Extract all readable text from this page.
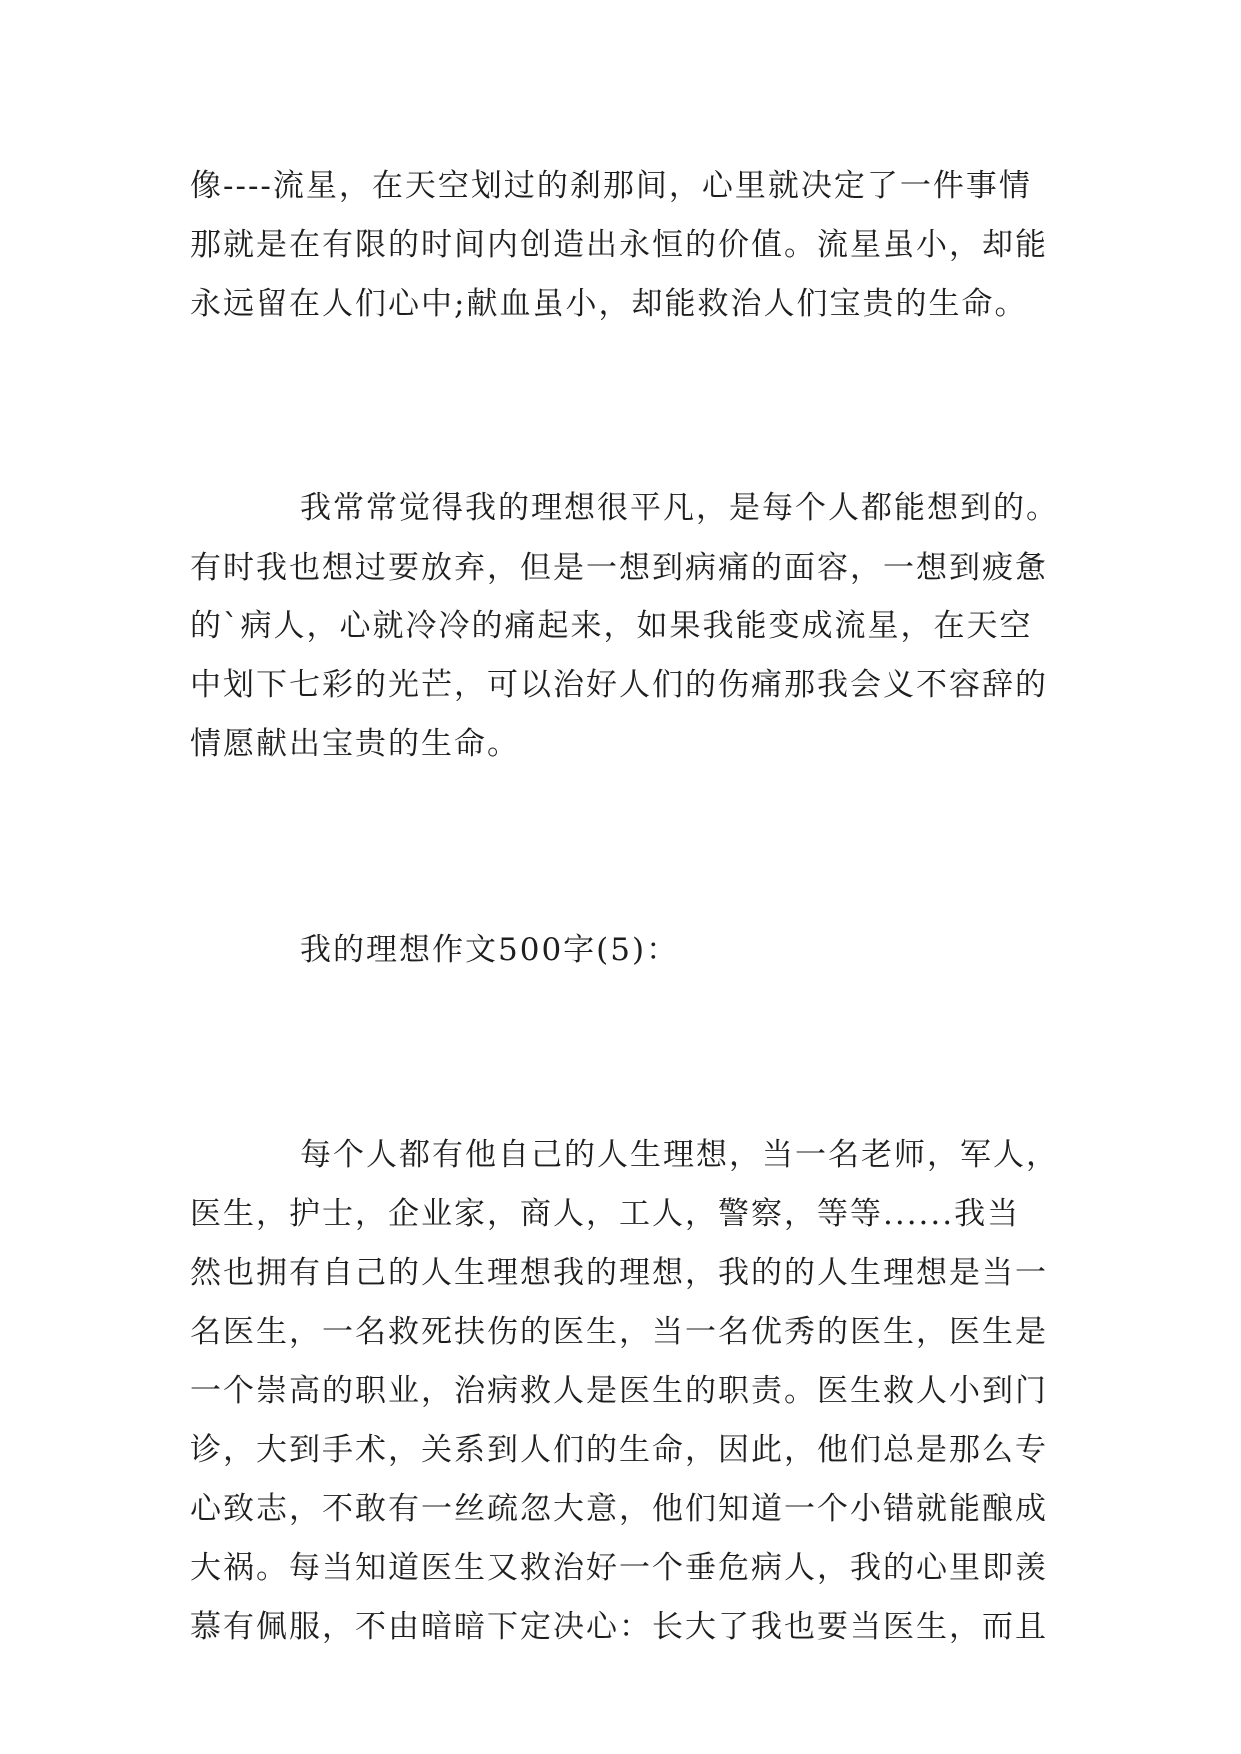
像----流星，在天空划过的刹那间，心里就决定了一件事情
那就是在有限的时间内创造出永恒的价值。流星虽小，却能
永远留在人们心中;献血虽小，却能救治人们宝贵的生命。
我常常觉得我的理想很平凡，是每个人都能想到的。
有时我也想过要放弃，但是一想到病痛的面容，一想到疲惫
的`病人，心就冷冷的痛起来，如果我能变成流星，在天空
中划下七彩的光芒，可以治好人们的伤痛那我会义不容辞的
情愿献出宝贵的生命。
我的理想作文500字(5)：
每个人都有他自己的人生理想，当一名老师，军人，
医生，护士，企业家，商人，工人，警察，等等......我当
然也拥有自己的人生理想我的理想，我的的人生理想是当一
名医生，一名救死扶伤的医生，当一名优秀的医生，医生是
一个崇高的职业，治病救人是医生的职责。医生救人小到门
诊，大到手术，关系到人们的生命，因此，他们总是那么专
心致志，不敢有一丝疏忽大意，他们知道一个小错就能酿成
大祸。每当知道医生又救治好一个垂危病人，我的心里即羡
慕有佩服，不由暗暗下定决心：长大了我也要当医生，而且
